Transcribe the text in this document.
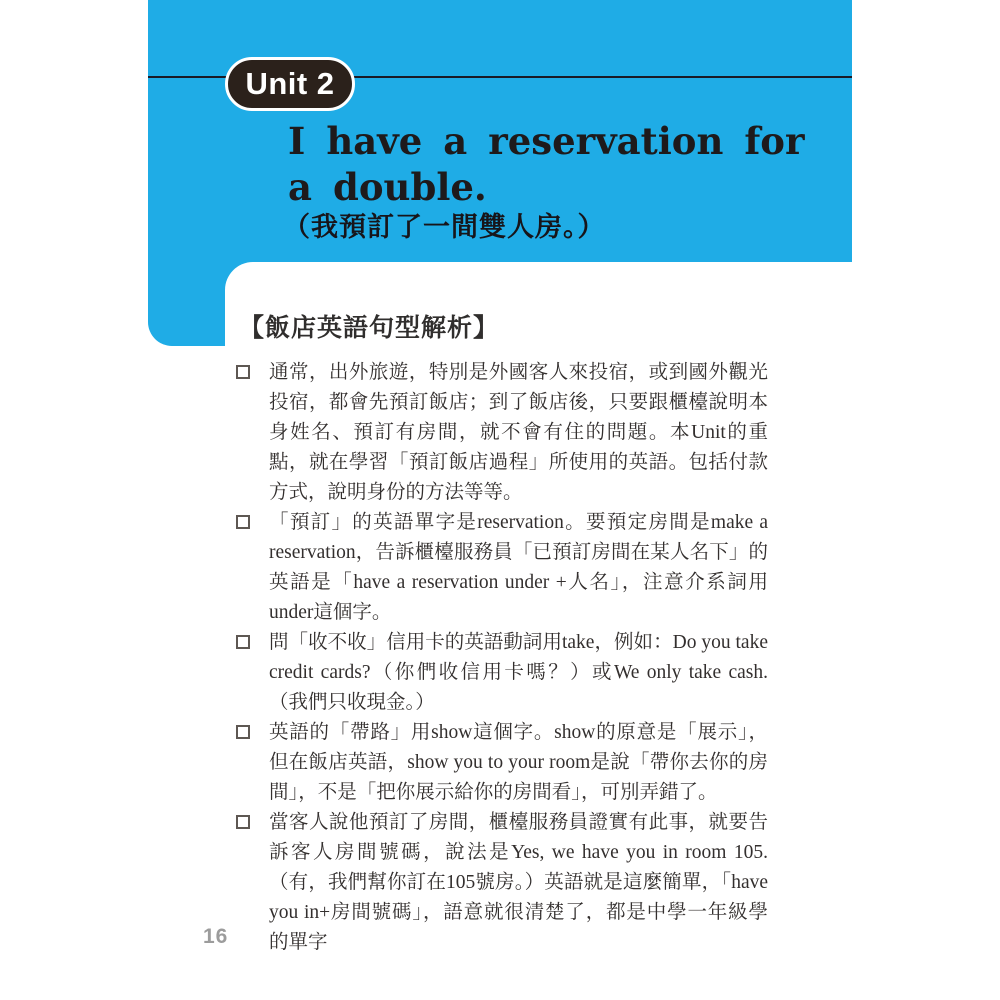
Unit 2
I have a reservation for
a double.
（我預訂了一間雙人房。）
【飯店英語句型解析】

通常，出外旅遊，特別是外國客人來投宿，或到國外觀光投宿，都會先預訂飯店；到了飯店後，只要跟櫃檯說明本身姓名、預訂有房間，就不會有住的問題。本Unit的重點，就在學習「預訂飯店過程」所使用的英語。包括付款方式，說明身份的方法等等。

「預訂」的英語單字是reservation。要預定房間是make a reservation，告訴櫃檯服務員「已預訂房間在某人名下」的英語是「have a reservation under +人名」，注意介系詞用under這個字。

問「收不收」信用卡的英語動詞用take，例如：Do you take credit cards?（你們收信用卡嗎？）或We only take cash.（我們只收現金。）

英語的「帶路」用show這個字。show的原意是「展示」，但在飯店英語，show you to your room是說「帶你去你的房間」，不是「把你展示給你的房間看」，可別弄錯了。

當客人說他預訂了房間，櫃檯服務員證實有此事，就要告訴客人房間號碼，說法是Yes, we have you in room 105.（有，我們幫你訂在105號房。）英語就是這麼簡單，「have you in+房間號碼」，語意就很清楚了，都是中學一年級學的單字

16
